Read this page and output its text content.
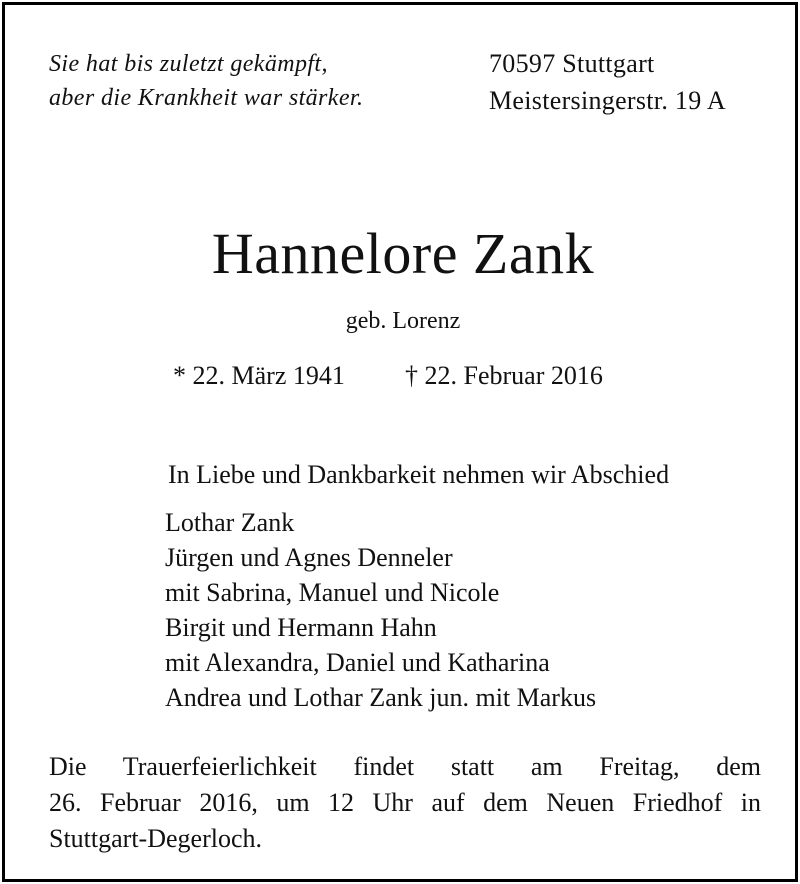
Sie hat bis zuletzt gekämpft,
aber die Krankheit war stärker.
70597 Stuttgart
Meistersingerstr. 19 A
Hannelore Zank
geb. Lorenz
* 22. März 1941 † 22. Februar 2016
In Liebe und Dankbarkeit nehmen wir Abschied
Lothar Zank
Jürgen und Agnes Denneler
mit Sabrina, Manuel und Nicole
Birgit und Hermann Hahn
mit Alexandra, Daniel und Katharina
Andrea und Lothar Zank jun. mit Markus
Die Trauerfeierlichkeit findet statt am Freitag, dem
26. Februar 2016, um 12 Uhr auf dem Neuen Friedhof in
Stuttgart-Degerloch.
